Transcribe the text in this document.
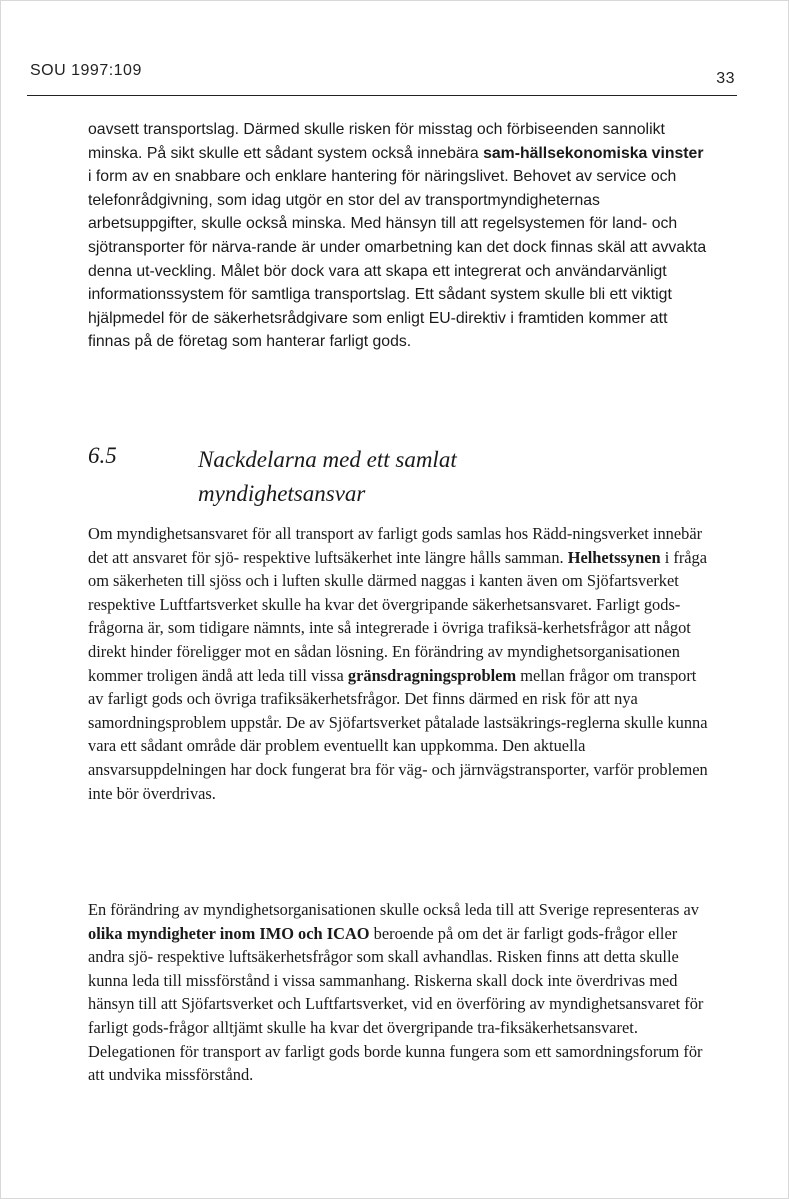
SOU 1997:109	33

oavsett transportslag. Därmed skulle risken för misstag och förbiseenden sannolikt minska. På sikt skulle ett sådant system också innebära sam-hällsekonomiska vinster i form av en snabbare och enklare hantering för näringslivet. Behovet av service och telefonrådgivning, som idag utgör en stor del av transportmyndigheternas arbetsuppgifter, skulle också minska. Med hänsyn till att regelsystemen för land- och sjötransporter för närva-rande är under omarbetning kan det dock finnas skäl att avvakta denna ut-veckling. Målet bör dock vara att skapa ett integrerat och användarvänligt informationssystem för samtliga transportslag. Ett sådant system skulle bli ett viktigt hjälpmedel för de säkerhetsrådgivare som enligt EU-direktiv i framtiden kommer att finnas på de företag som hanterar farligt gods.

6.5	Nackdelarna med ett samlat myndighetsansvar

Om myndighetsansvaret för all transport av farligt gods samlas hos Rädd-ningsverket innebär det att ansvaret för sjö- respektive luftsäkerhet inte längre hålls samman. Helhetssynen i fråga om säkerheten till sjöss och i luften skulle därmed naggas i kanten även om Sjöfartsverket respektive Luftfartsverket skulle ha kvar det övergripande säkerhetsansvaret. Farligt gods-frågorna är, som tidigare nämnts, inte så integrerade i övriga trafiksä-kerhetsfrågor att något direkt hinder föreligger mot en sådan lösning. En förändring av myndighetsorganisationen kommer troligen ändå att leda till vissa gränsdragningsproblem mellan frågor om transport av farligt gods och övriga trafiksäkerhetsfrågor. Det finns därmed en risk för att nya samordningsproblem uppstår. De av Sjöfartsverket påtalade lastsäkrings-reglerna skulle kunna vara ett sådant område där problem eventuellt kan uppkomma. Den aktuella ansvarsuppdelningen har dock fungerat bra för väg- och järnvägstransporter, varför problemen inte bör överdrivas.

En förändring av myndighetsorganisationen skulle också leda till att Sverige representeras av olika myndigheter inom IMO och ICAO beroende på om det är farligt gods-frågor eller andra sjö- respektive luftsäkerhetsfrågor som skall avhandlas. Risken finns att detta skulle kunna leda till missförstånd i vissa sammanhang. Riskerna skall dock inte överdrivas med hänsyn till att Sjöfartsverket och Luftfartsverket, vid en överföring av myndighetsansvaret för farligt gods-frågor alltjämt skulle ha kvar det övergripande tra-fiksäkerhetsansvaret. Delegationen för transport av farligt gods borde kunna fungera som ett samordningsforum för att undvika missförstånd.
